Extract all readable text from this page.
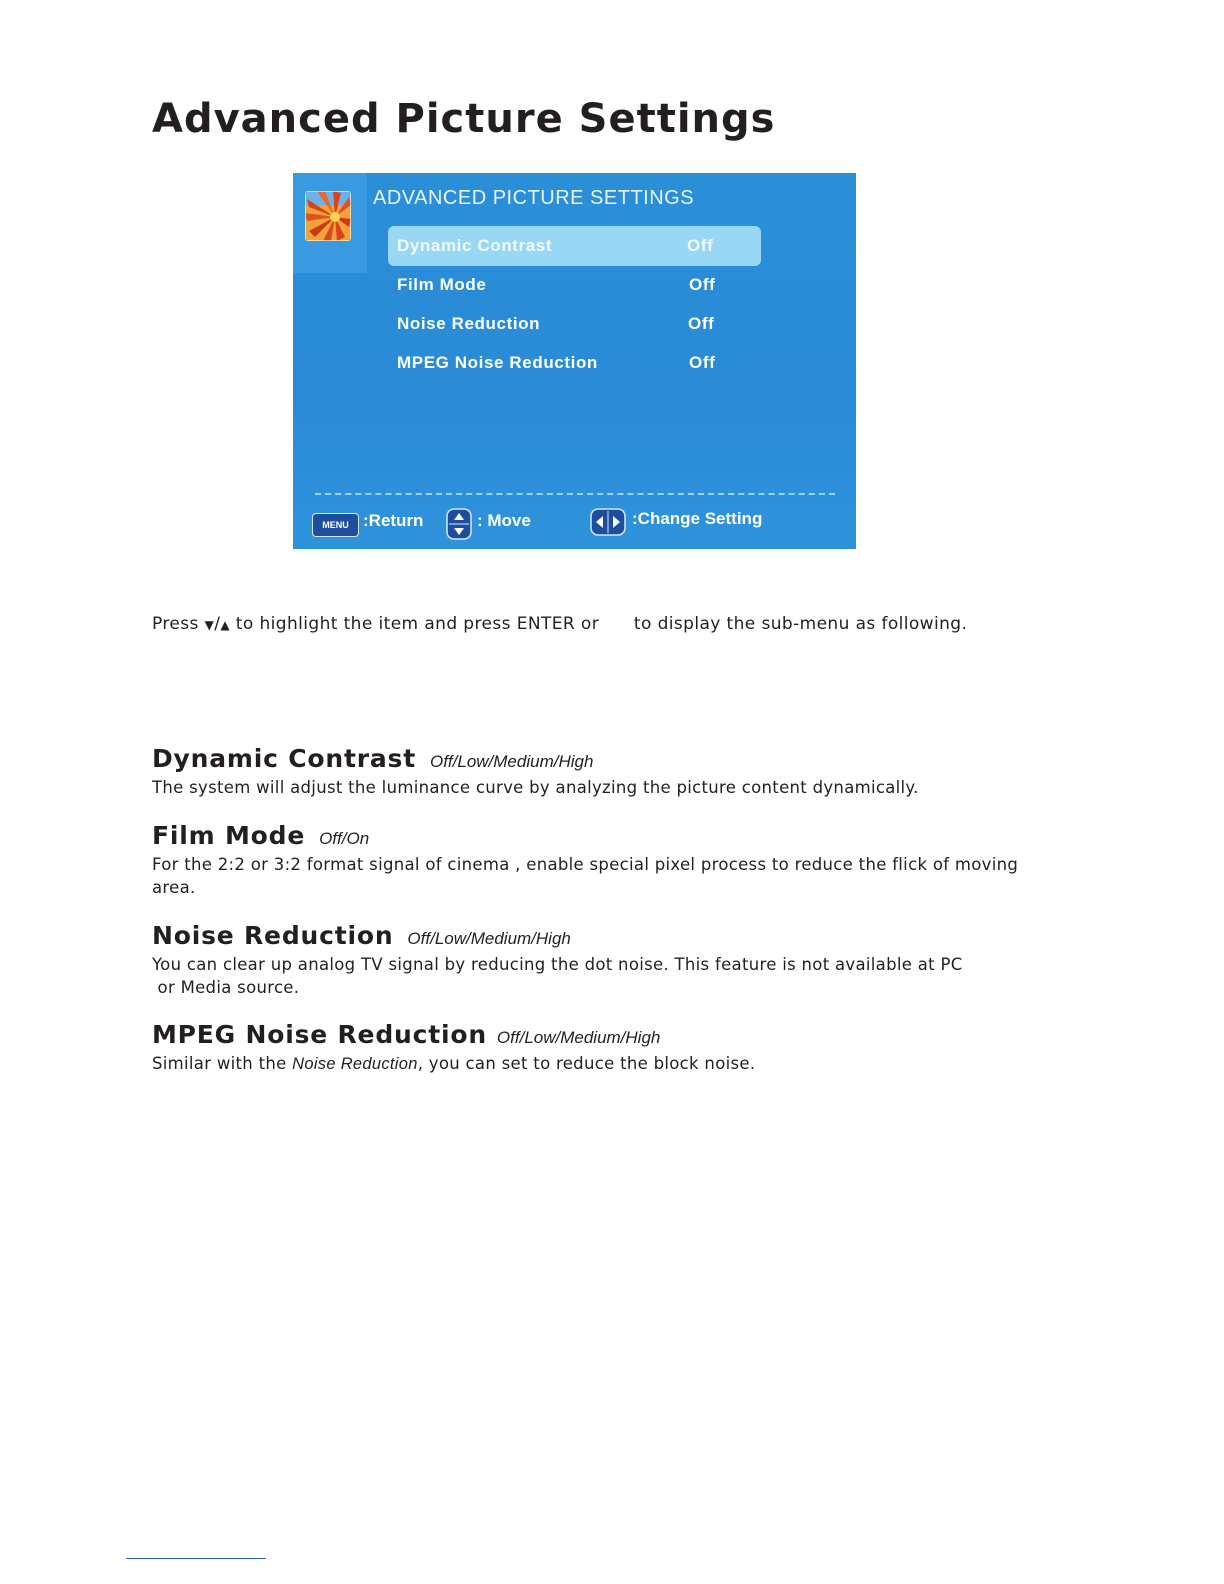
Advanced Picture Settings
ADVANCED PICTURE SETTINGS
Dynamic Contrast	Off
Film Mode	Off
Noise Reduction	Off
MPEG Noise Reduction	Off
MENU :Return	: Move	:Change Setting
Press ▼/▲ to highlight the item and press ENTER or      to display the sub-menu as following.
Dynamic Contrast Off/Low/Medium/High

The system will adjust the luminance curve by analyzing the picture content dynamically.

Film Mode Off/On

For the 2:2 or 3:2 format signal of cinema , enable special pixel process to reduce the flick of moving area.

Noise Reduction Off/Low/Medium/High

You can clear up analog TV signal by reducing the dot noise. This feature is not available at PC
or Media source.

MPEG Noise Reduction Off/Low/Medium/High

Similar with the Noise Reduction, you can set to reduce the block noise.
